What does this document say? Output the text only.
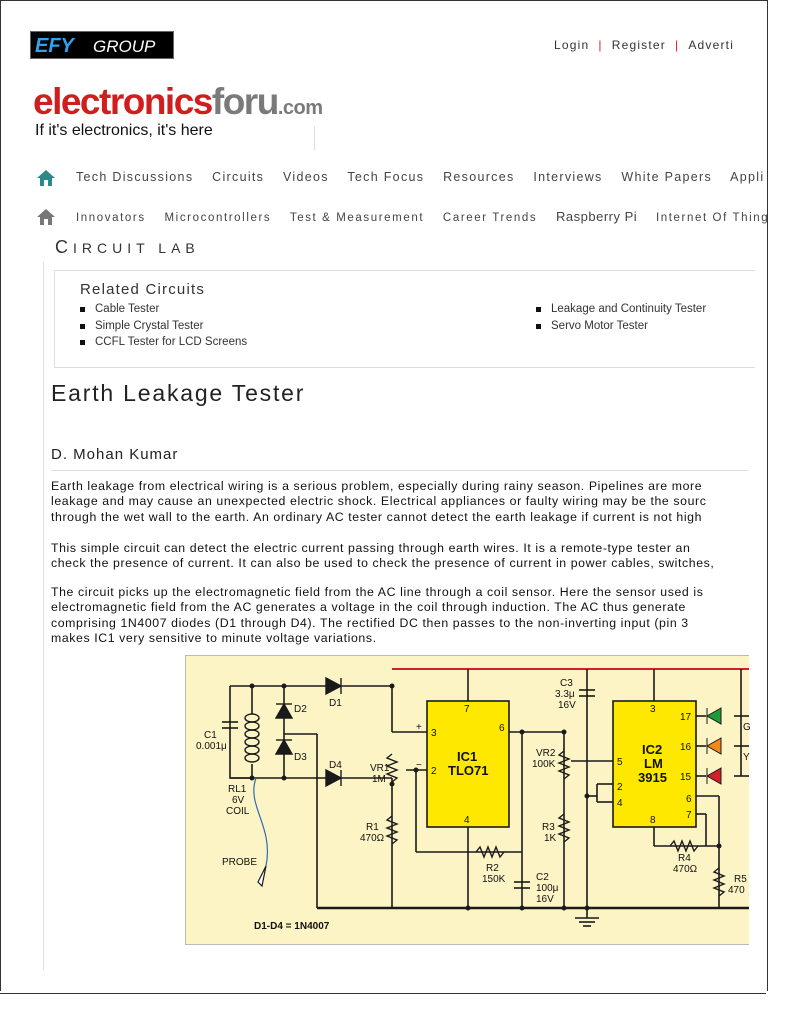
EFY GROUP	Login | Register | Adverti
electronicsforu.com
If it's electronics, it's here
Tech Discussions Circuits Videos Tech Focus Resources Interviews White Papers Appli
Innovators Microcontrollers Test & Measurement Career Trends Raspberry Pi Internet Of Thing
CIRCUIT LAB
Related Circuits
Cable Tester
Simple Crystal Tester
CCFL Tester for LCD Screens
Leakage and Continuity Tester
Servo Motor Tester
Earth Leakage Tester
D. Mohan Kumar
Earth leakage from electrical wiring is a serious problem, especially during rainy season. Pipelines are more
leakage and may cause an unexpected electric shock. Electrical appliances or faulty wiring may be the sourc
through the wet wall to the earth. An ordinary AC tester cannot detect the earth leakage if current is not high
This simple circuit can detect the electric current passing through earth wires. It is a remote-type tester an
check the presence of current. It can also be used to check the presence of current in power cables, switches,
The circuit picks up the electromagnetic field from the AC line through a coil sensor. Here the sensor used is
electromagnetic field from the AC generates a voltage in the coil through induction. The AC thus generate
comprising 1N4007 diodes (D1 through D4). The rectified DC then passes to the non-inverting input (pin 3
makes IC1 very sensitive to minute voltage variations.
C1
0.001μ
D2
D3
D1
D4
RL1
6V
COIL
PROBE
D1-D4 = 1N4007
VR1
1M
R1
470Ω
+
−
3
2
7
6
4
IC1
TLO71
R2
150K	C2
100μ
16V
C3
3.3μ
16V
VR2
100K
R3
1K
3
5
2
4
8
17
16
15
6
7
IC2
LM
3915
R4
470Ω
R5
470
G
Y
